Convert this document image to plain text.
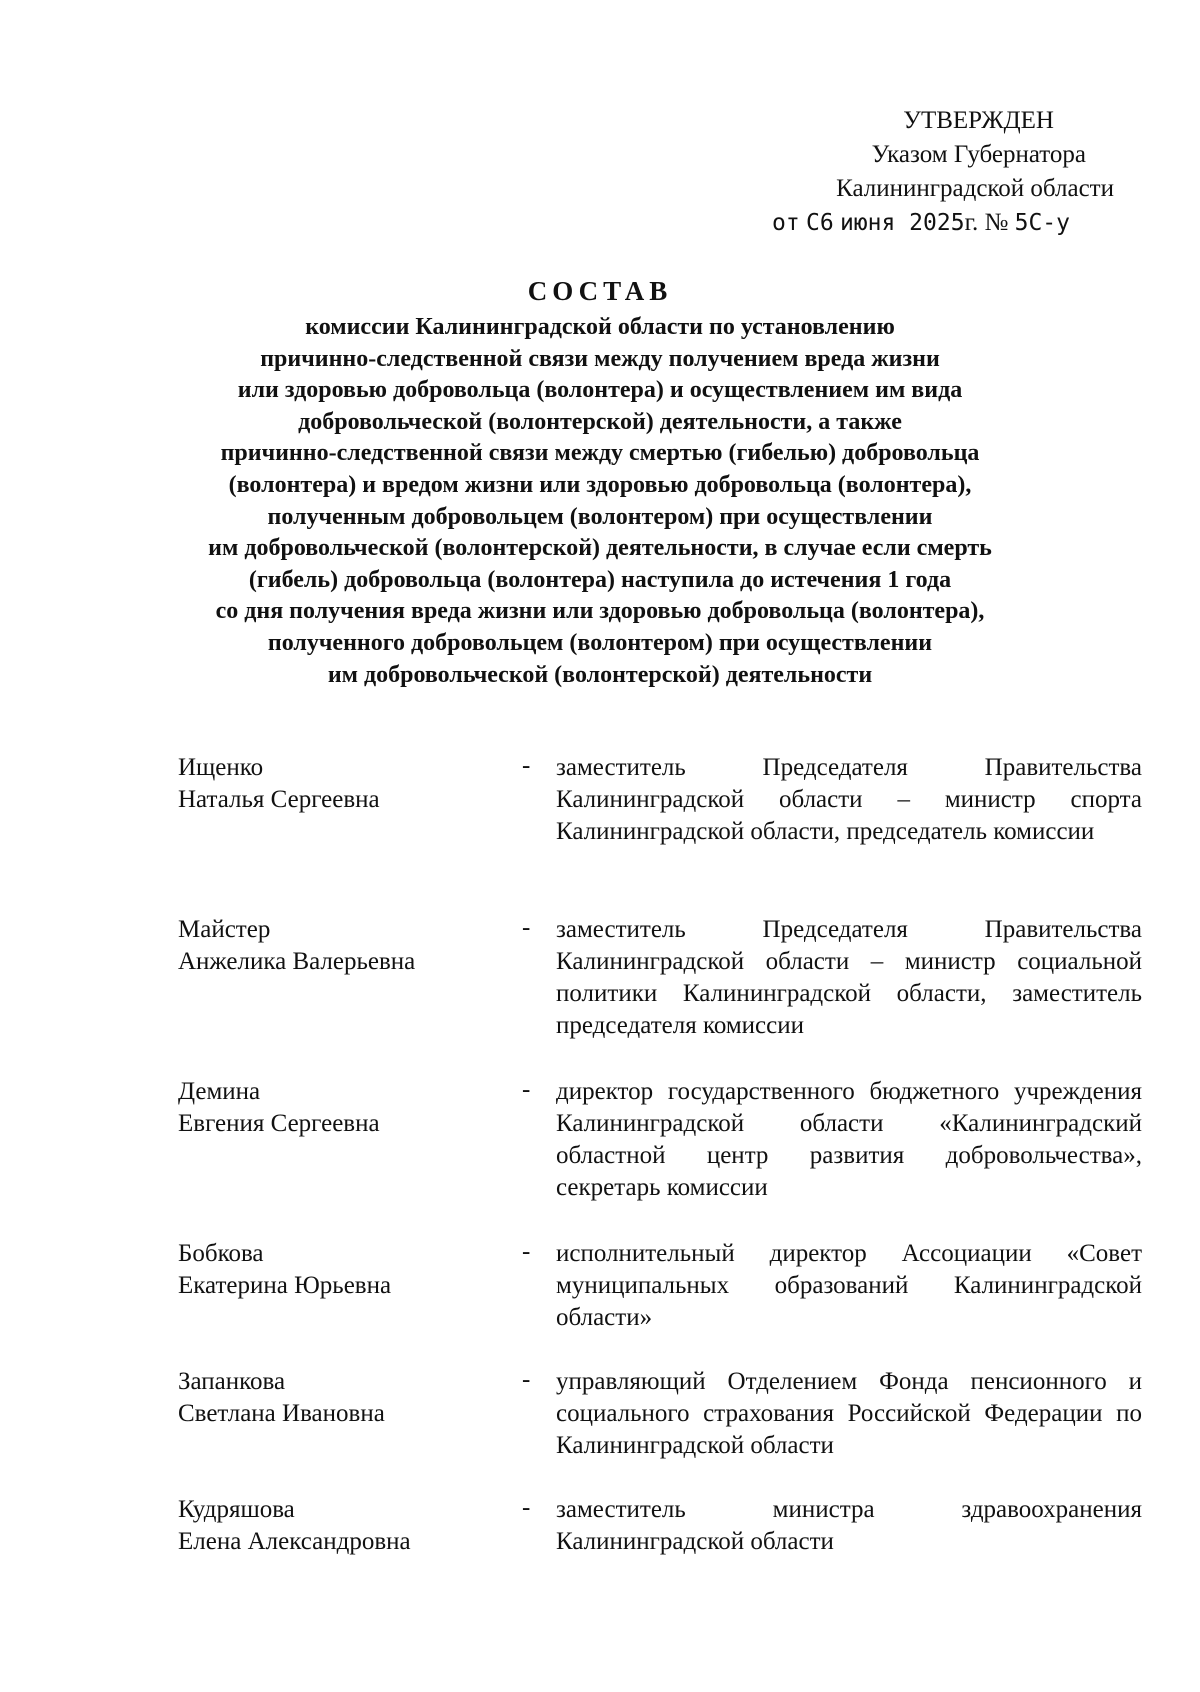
УТВЕРЖДЕН
Указом Губернатора
Калининградской области
от С6 июня 2025г. № 5С-у
СОСТАВ
комиссии Калининградской области по установлению
причинно-следственной связи между получением вреда жизни
или здоровью добровольца (волонтера) и осуществлением им вида
добровольческой (волонтерской) деятельности, а также
причинно-следственной связи между смертью (гибелью) добровольца
(волонтера) и вредом жизни или здоровью добровольца (волонтера),
полученным добровольцем (волонтером) при осуществлении
им добровольческой (волонтерской) деятельности, в случае если смерть
(гибель) добровольца (волонтера) наступила до истечения 1 года
со дня получения вреда жизни или здоровью добровольца (волонтера),
полученного добровольцем (волонтером) при осуществлении
им добровольческой (волонтерской) деятельности
Ищенко
Наталья Сергеевна
- заместитель Председателя Правительства Калининградской области – министр спорта Калининградской области, председатель комиссии
Майстер
Анжелика Валерьевна
- заместитель Председателя Правительства Калининградской области – министр социальной политики Калининградской области, заместитель председателя комиссии
Демина
Евгения Сергеевна
- директор государственного бюджетного учреждения Калининградской области «Калининградский областной центр развития добровольчества», секретарь комиссии
Бобкова
Екатерина Юрьевна
- исполнительный директор Ассоциации «Совет муниципальных образований Калининградской области»
Запанкова
Светлана Ивановна
- управляющий Отделением Фонда пенсионного и социального страхования Российской Федерации по Калининградской области
Кудряшова
Елена Александровна
- заместитель министра здравоохранения Калининградской области
